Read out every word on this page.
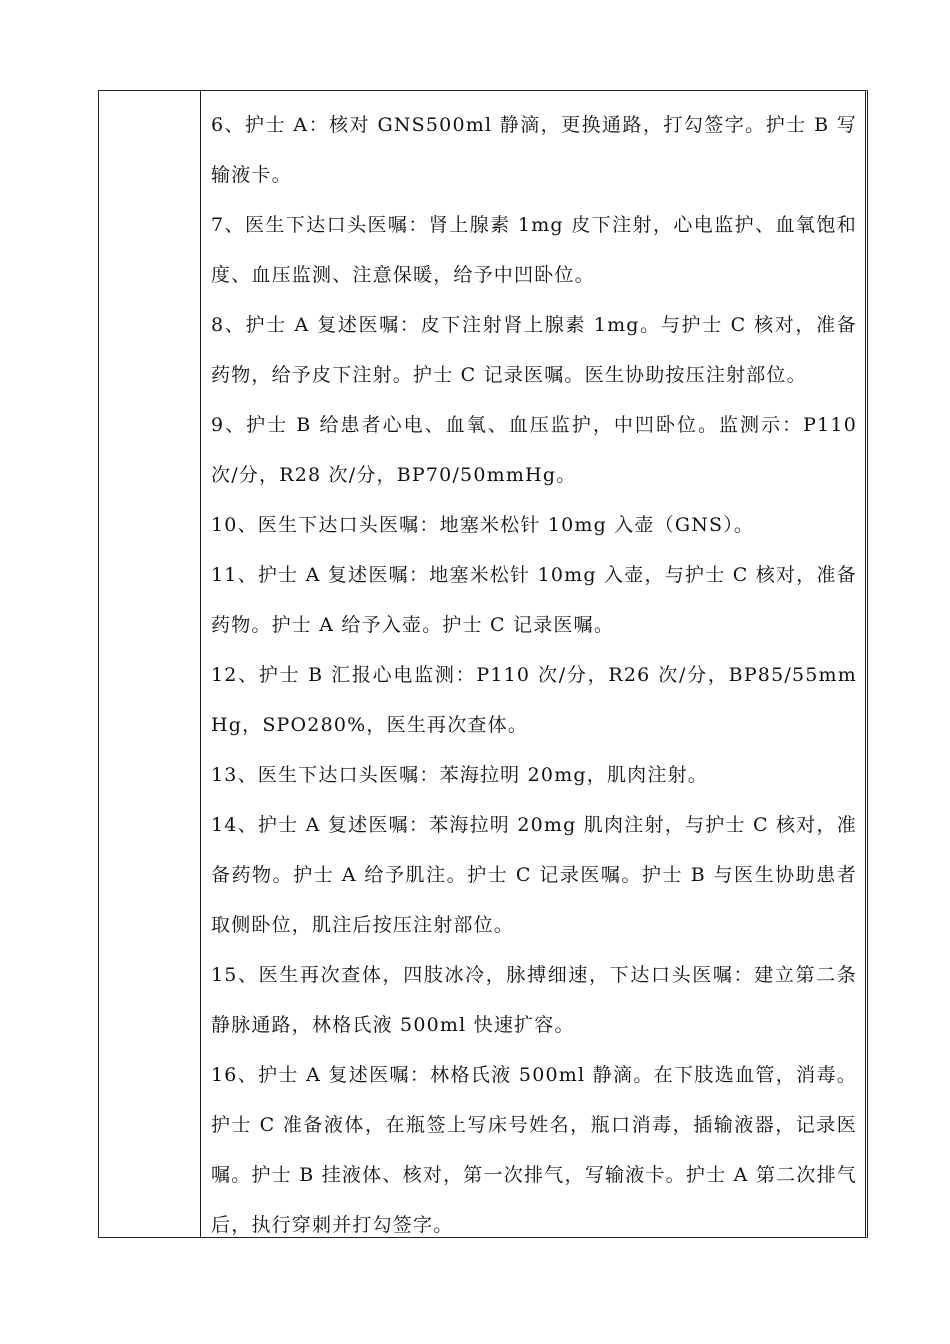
6、护士 A：核对 GNS500ml 静滴，更换通路，打勾签字。护士 B 写输液卡。

7、医生下达口头医嘱：肾上腺素 1mg 皮下注射，心电监护、血氧饱和度、血压监测、注意保暖，给予中凹卧位。

8、护士 A 复述医嘱：皮下注射肾上腺素 1mg。与护士 C 核对，准备药物，给予皮下注射。护士 C 记录医嘱。医生协助按压注射部位。

9、护士 B 给患者心电、血氧、血压监护，中凹卧位。监测示：P110 次/分，R28 次/分，BP70/50mmHg。

10、医生下达口头医嘱：地塞米松针 10mg 入壶（GNS）。

11、护士 A 复述医嘱：地塞米松针 10mg 入壶，与护士 C 核对，准备药物。护士 A 给予入壶。护士 C 记录医嘱。

12、护士 B 汇报心电监测：P110 次/分，R26 次/分，BP85/55mmHg，SPO280%，医生再次查体。

13、医生下达口头医嘱：苯海拉明 20mg，肌肉注射。

14、护士 A 复述医嘱：苯海拉明 20mg 肌肉注射，与护士 C 核对，准备药物。护士 A 给予肌注。护士 C 记录医嘱。护士 B 与医生协助患者取侧卧位，肌注后按压注射部位。

15、医生再次查体，四肢冰冷，脉搏细速，下达口头医嘱：建立第二条静脉通路，林格氏液 500ml 快速扩容。

16、护士 A 复述医嘱：林格氏液 500ml 静滴。在下肢选血管，消毒。护士 C 准备液体，在瓶签上写床号姓名，瓶口消毒，插输液器，记录医嘱。护士 B 挂液体、核对，第一次排气，写输液卡。护士 A 第二次排气后，执行穿刺并打勾签字。
